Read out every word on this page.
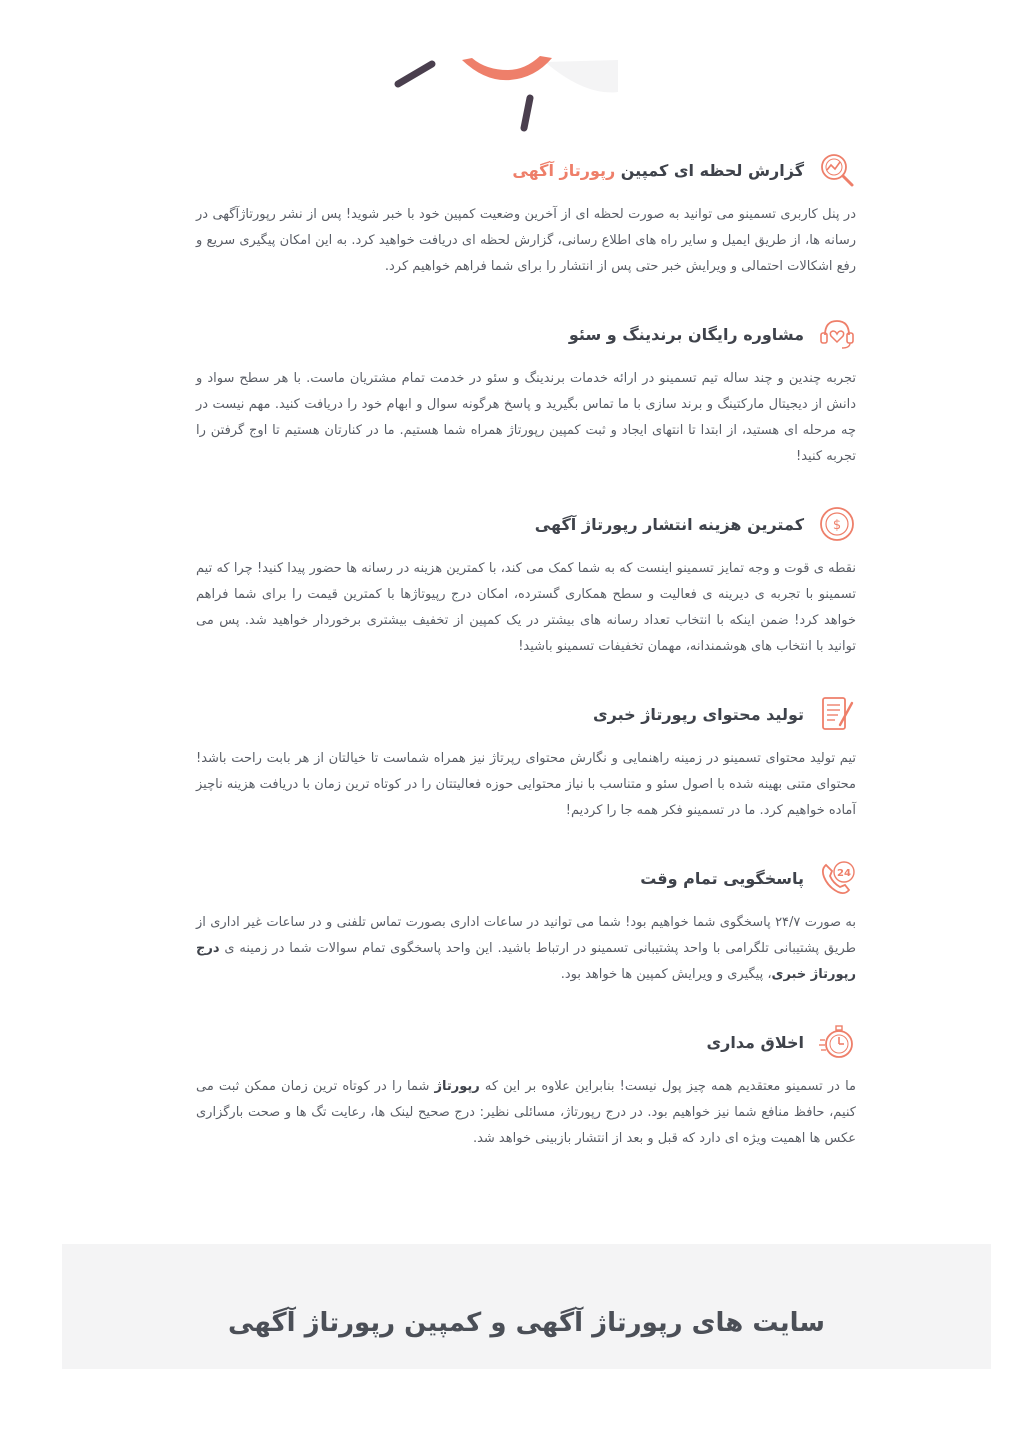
گزارش لحظه ای کمپین رپورتاژ آگهی

در پنل کاربری تسمینو می توانید به صورت لحظه ای از آخرین وضعیت کمپین خود با خبر شوید! پس از نشر رپورتاژآگهی در رسانه ها، از طریق ایمیل و سایر راه های اطلاع رسانی، گزارش لحظه ای دریافت خواهید کرد. به این امکان پیگیری سریع و رفع اشکالات احتمالی و ویرایش خبر حتی پس از انتشار را برای شما فراهم خواهیم کرد.

مشاوره رایگان برندینگ و سئو

تجربه چندین و چند ساله تیم تسمینو در ارائه خدمات برندینگ و سئو در خدمت تمام مشتریان ماست. با هر سطح سواد و دانش از دیجیتال مارکتینگ و برند سازی با ما تماس بگیرید و پاسخ هرگونه سوال و ابهام خود را دریافت کنید. مهم نیست در چه مرحله ای هستید، از ابتدا تا انتهای ایجاد و ثبت کمپین رپورتاژ همراه شما هستیم. ما در کنارتان هستیم تا اوج گرفتن را تجربه کنید!

$
کمترین هزینه انتشار رپورتاژ آگهی

نقطه ی قوت و وجه تمایز تسمینو اینست که به شما کمک می کند، با کمترین هزینه در رسانه ها حضور پیدا کنید! چرا که تیم تسمینو با تجربه ی دیرینه ی فعالیت و سطح همکاری گسترده، امکان درج رپیوتاژها با کمترین قیمت را برای شما فراهم خواهد کرد! ضمن اینکه با انتخاب تعداد رسانه های بیشتر در یک کمپین از تخفیف بیشتری برخوردار خواهید شد. پس می توانید با انتخاب های هوشمندانه، مهمان تخفیفات تسمینو باشید!

تولید محتوای رپورتاژ خبری

تیم تولید محتوای تسمینو در زمینه راهنمایی و نگارش محتوای رپرتاژ نیز همراه شماست تا خیالتان از هر بابت راحت باشد! محتوای متنی بهینه شده با اصول سئو و متناسب با نیاز محتوایی حوزه فعالیتتان را در کوتاه ترین زمان با دریافت هزینه ناچیز آماده خواهیم کرد. ما در تسمینو فکر همه جا را کردیم!

24
پاسخگویی تمام وقت

به صورت ۲۴/۷ پاسخگوی شما خواهیم بود! شما می توانید در ساعات اداری بصورت تماس تلفنی و در ساعات غیر اداری از طریق پشتیبانی تلگرامی با واحد پشتیبانی تسمینو در ارتباط باشید. این واحد پاسخگوی تمام سوالات شما در زمینه ی درج رپورتاژ خبری، پیگیری و ویرایش کمپین ها خواهد بود.

اخلاق مداری

ما در تسمینو معتقدیم همه چیز پول نیست! بنابراین علاوه بر این که رپورتاژ شما را در کوتاه ترین زمان ممکن ثبت می کنیم، حافظ منافع شما نیز خواهیم بود. در درج رپورتاژ، مسائلی نظیر: درج صحیح لینک ها، رعایت تگ ها و صحت بارگزاری عکس ها اهمیت ویژه ای دارد که قبل و بعد از انتشار بازبینی خواهد شد.

سایت های رپورتاژ آگهی و کمپین رپورتاژ آگهی
